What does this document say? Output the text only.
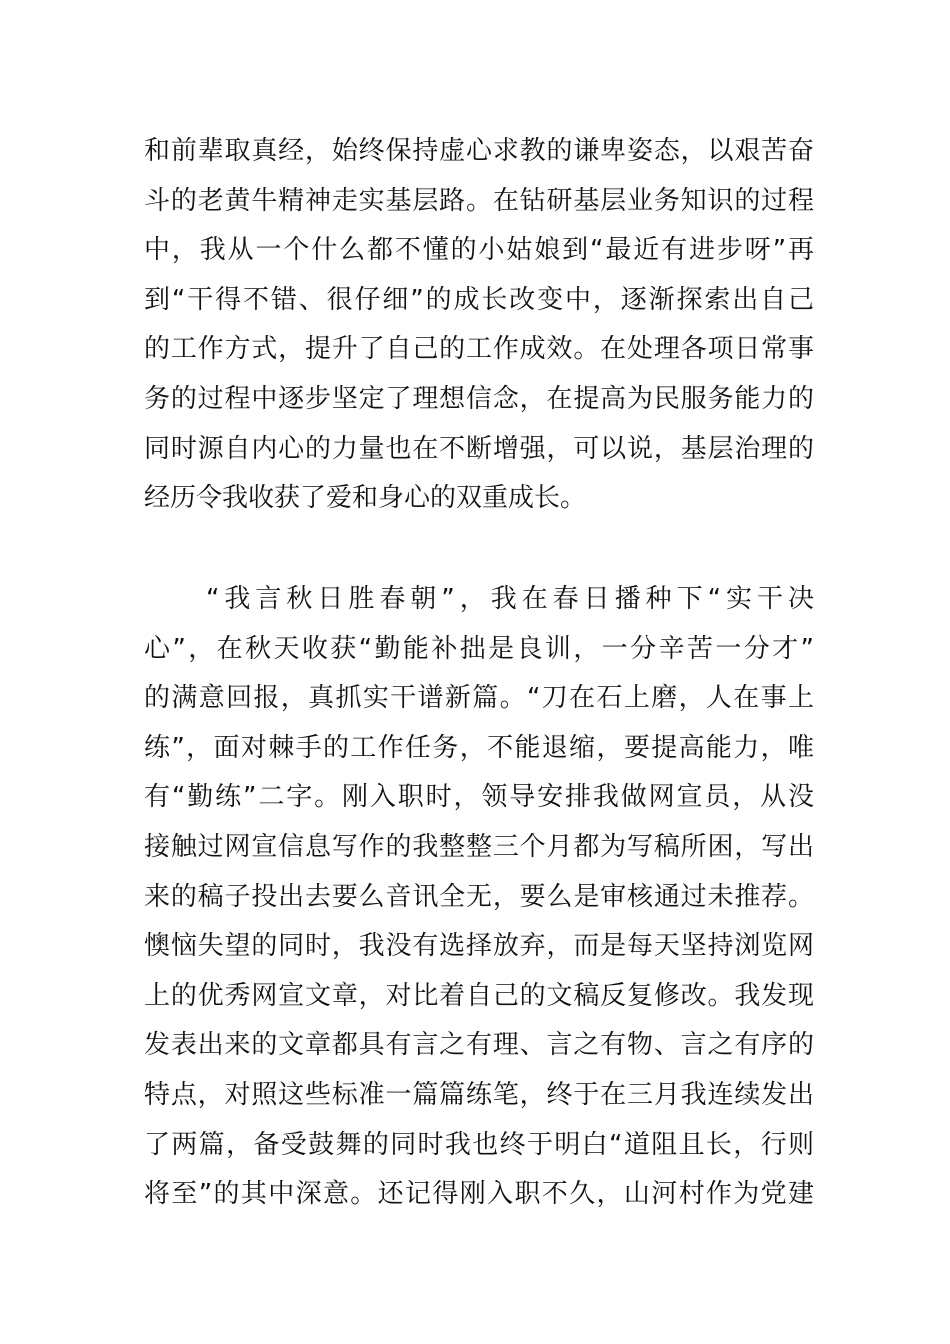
和前辈取真经，始终保持虚心求教的谦卑姿态，以艰苦奋
斗的老黄牛精神走实基层路。在钻研基层业务知识的过程
中，我从一个什么都不懂的小姑娘到“最近有进步呀”再
到“干得不错、很仔细”的成长改变中，逐渐探索出自己
的工作方式，提升了自己的工作成效。在处理各项日常事
务的过程中逐步坚定了理想信念，在提高为民服务能力的
同时源自内心的力量也在不断增强，可以说，基层治理的
经历令我收获了爱和身心的双重成长。
　　“我言秋日胜春朝”，我在春日播种下“实干决
心”，在秋天收获“勤能补拙是良训，一分辛苦一分才”
的满意回报，真抓实干谱新篇。“刀在石上磨，人在事上
练”，面对棘手的工作任务，不能退缩，要提高能力，唯
有“勤练”二字。刚入职时，领导安排我做网宣员，从没
接触过网宣信息写作的我整整三个月都为写稿所困，写出
来的稿子投出去要么音讯全无，要么是审核通过未推荐。
懊恼失望的同时，我没有选择放弃，而是每天坚持浏览网
上的优秀网宣文章，对比着自己的文稿反复修改。我发现
发表出来的文章都具有言之有理、言之有物、言之有序的
特点，对照这些标准一篇篇练笔，终于在三月我连续发出
了两篇，备受鼓舞的同时我也终于明白“道阻且长，行则
将至”的其中深意。还记得刚入职不久，山河村作为党建
